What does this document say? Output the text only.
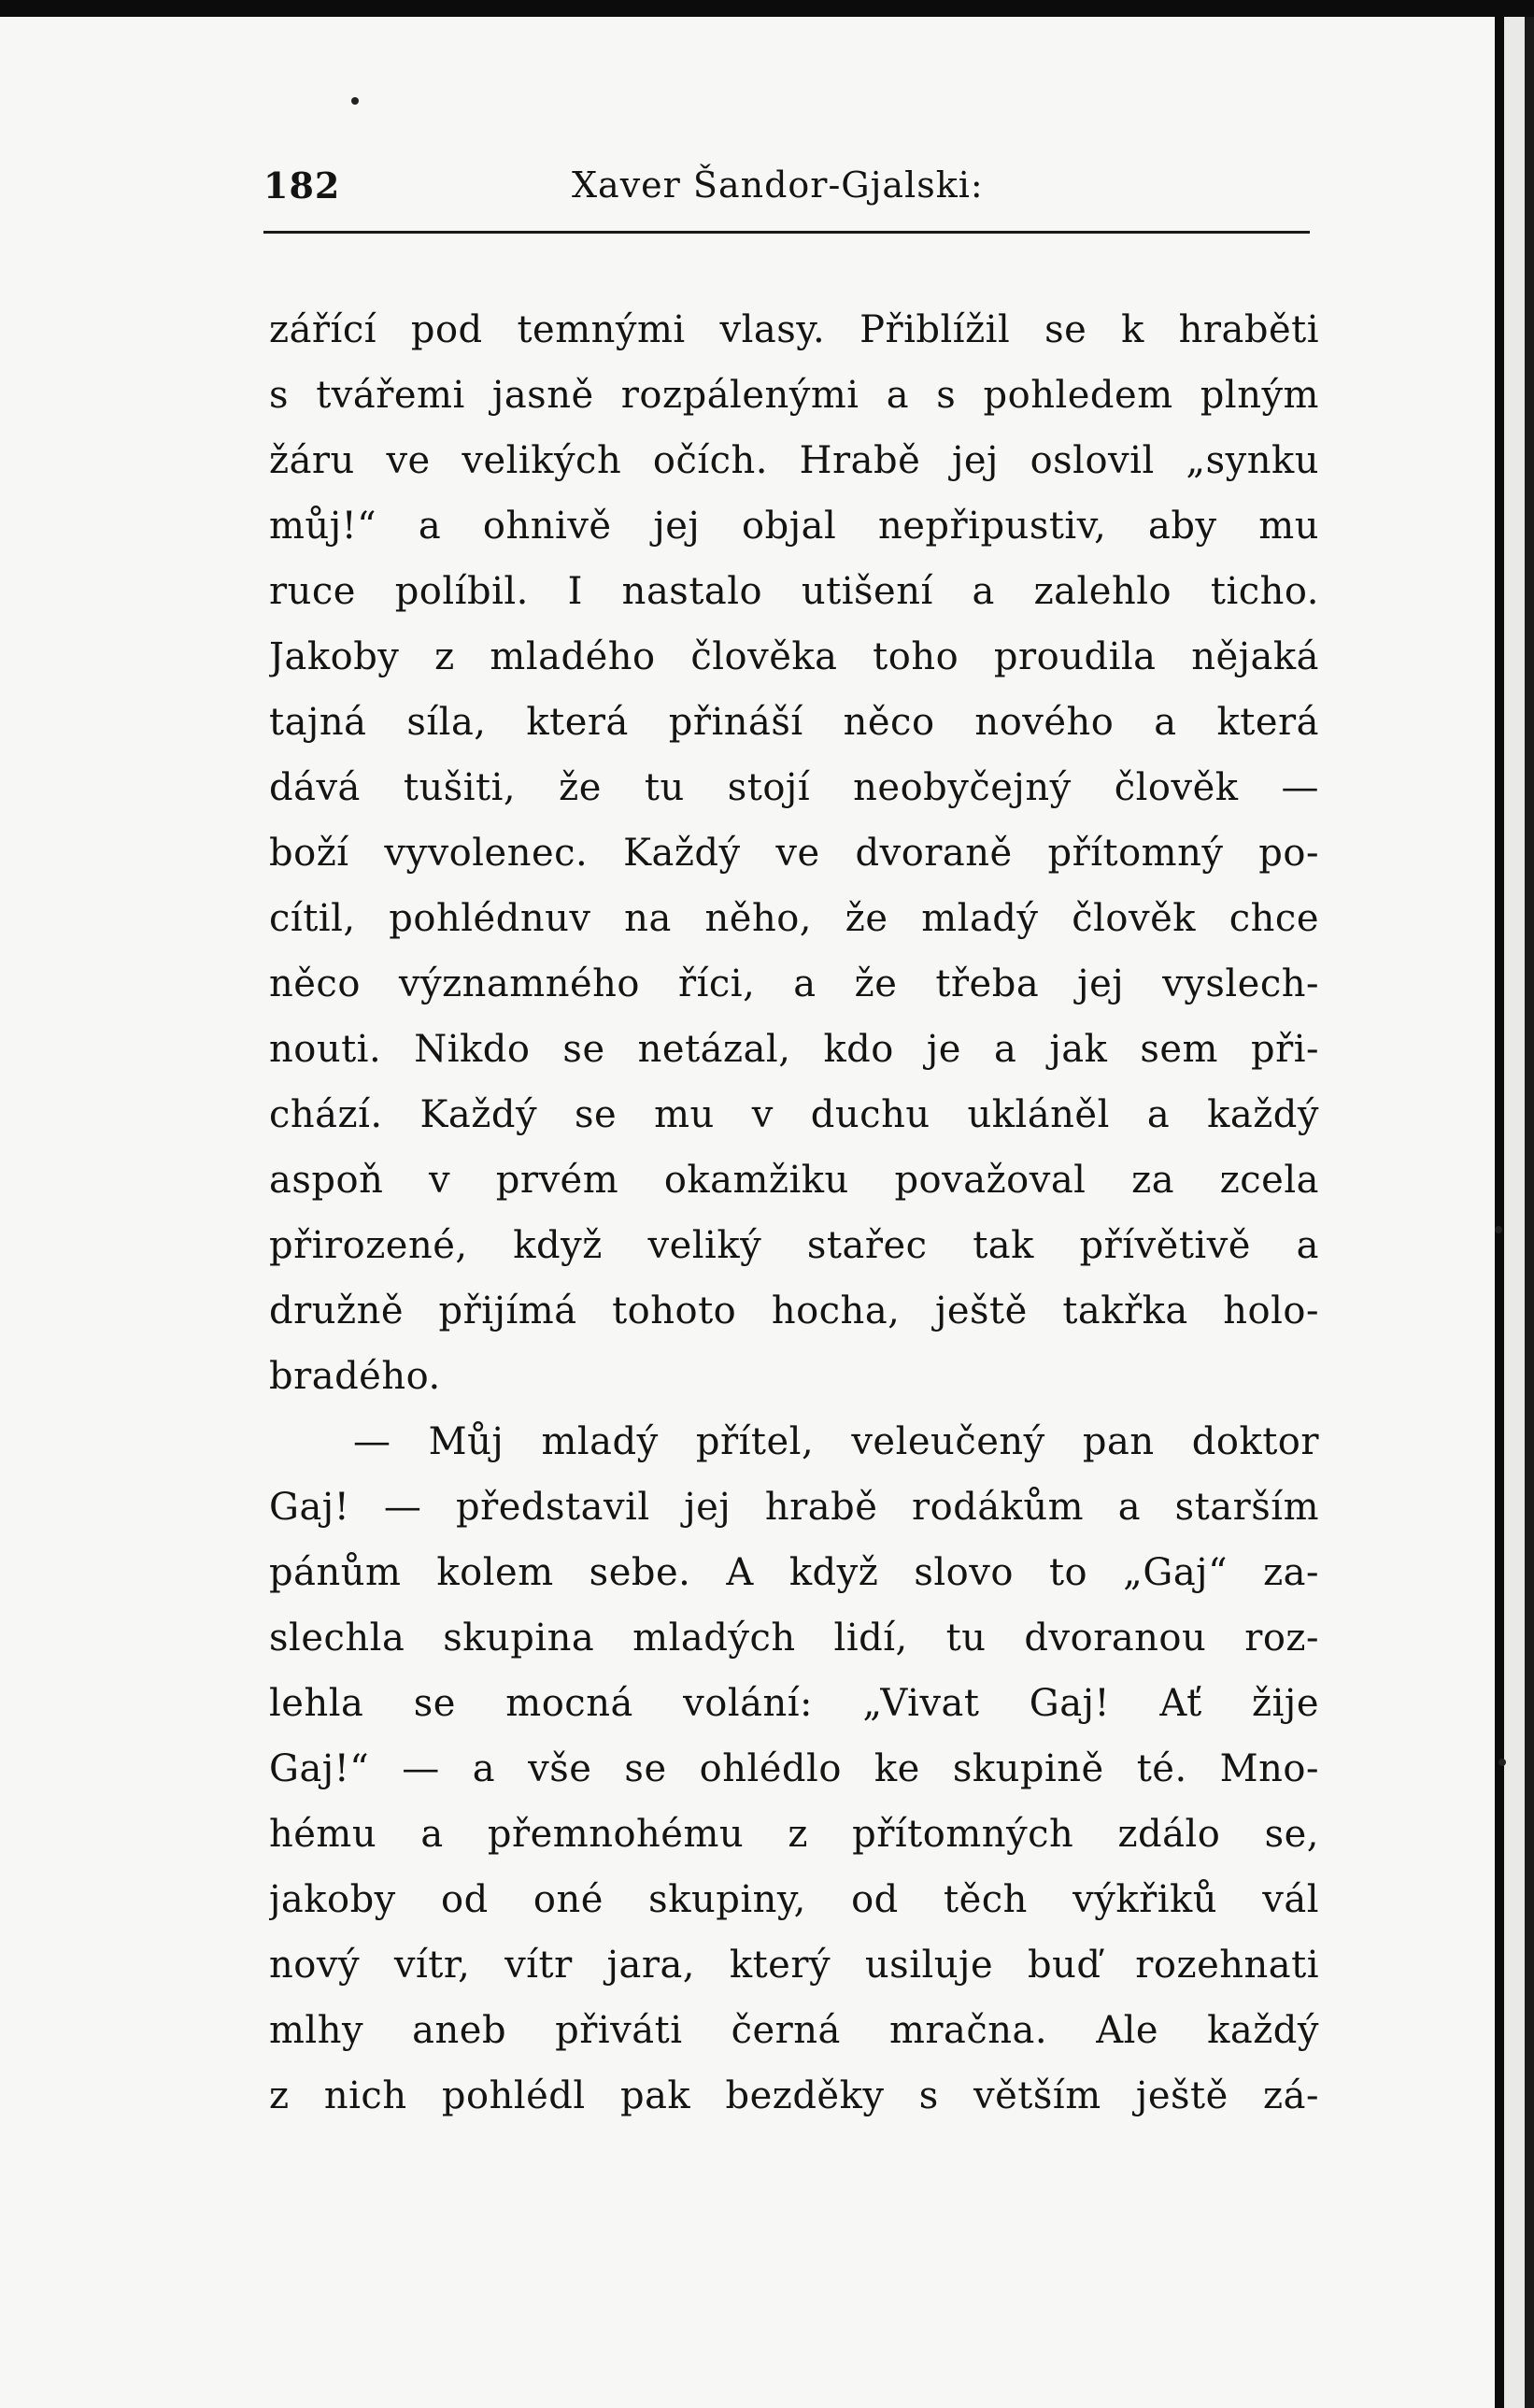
182	Xaver Šandor-Gjalski:
zářící pod temnými vlasy. Přiblížil se k hraběti
s tvářemi jasně rozpálenými a s pohledem plným
žáru ve velikých očích. Hrabě jej oslovil „synku
můj!“ a ohnivě jej objal nepřipustiv, aby mu
ruce políbil. I nastalo utišení a zalehlo ticho.
Jakoby z mladého člověka toho proudila nějaká
tajná síla, která přináší něco nového a která
dává tušiti, že tu stojí neobyčejný člověk —
boží vyvolenec. Každý ve dvoraně přítomný po-
cítil, pohlédnuv na něho, že mladý člověk chce
něco významného říci, a že třeba jej vyslech-
nouti. Nikdo se netázal, kdo je a jak sem při-
chází. Každý se mu v duchu ukláněl a každý
aspoň v prvém okamžiku považoval za zcela
přirozené, když veliký stařec tak přívětivě a
družně přijímá tohoto hocha, ještě takřka holo-
bradého.
— Můj mladý přítel, veleučený pan doktor
Gaj! — představil jej hrabě rodákům a starším
pánům kolem sebe. A když slovo to „Gaj“ za-
slechla skupina mladých lidí, tu dvoranou roz-
lehla se mocná volání: „Vivat Gaj! Ať žije
Gaj!“ — a vše se ohlédlo ke skupině té. Mno-
hému a přemnohému z přítomných zdálo se,
jakoby od oné skupiny, od těch výkřiků vál
nový vítr, vítr jara, který usiluje buď rozehnati
mlhy aneb přiváti černá mračna. Ale každý
z nich pohlédl pak bezděky s větším ještě zá-
